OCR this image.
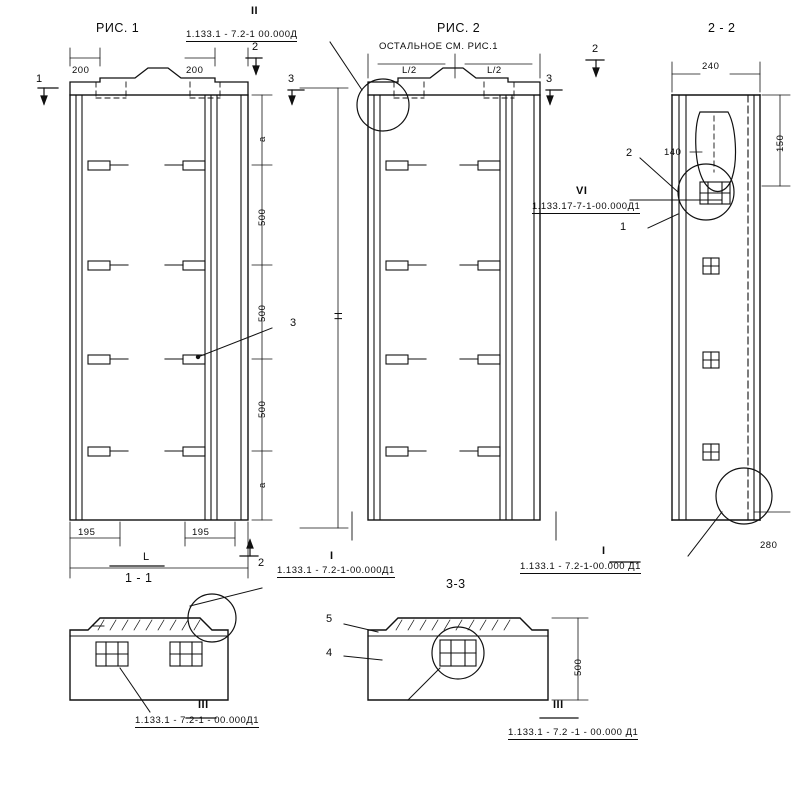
РИС. 1	РИС. 2	2 - 2
1 - 1	3-3
ОСТАЛЬНОЕ СМ. РИС.1
II
1.133.1 - 7.2-1 00.000Д
VI
1.133.17-7-1-00.000Д1
I
1.133.1 - 7.2-1-00.000 Д1
I
1.133.1 - 7.2-1-00.000Д1
III
1.133.1 - 7.2-1 - 00.000Д1
III
1.133.1 - 7.2 -1 - 00.000 Д1
200	200
a
500
500
500
a
H
195	195
L
L/2	L/2	240
150
140
280
500
1
2
3
2
3
2
3
2
1
5
4
